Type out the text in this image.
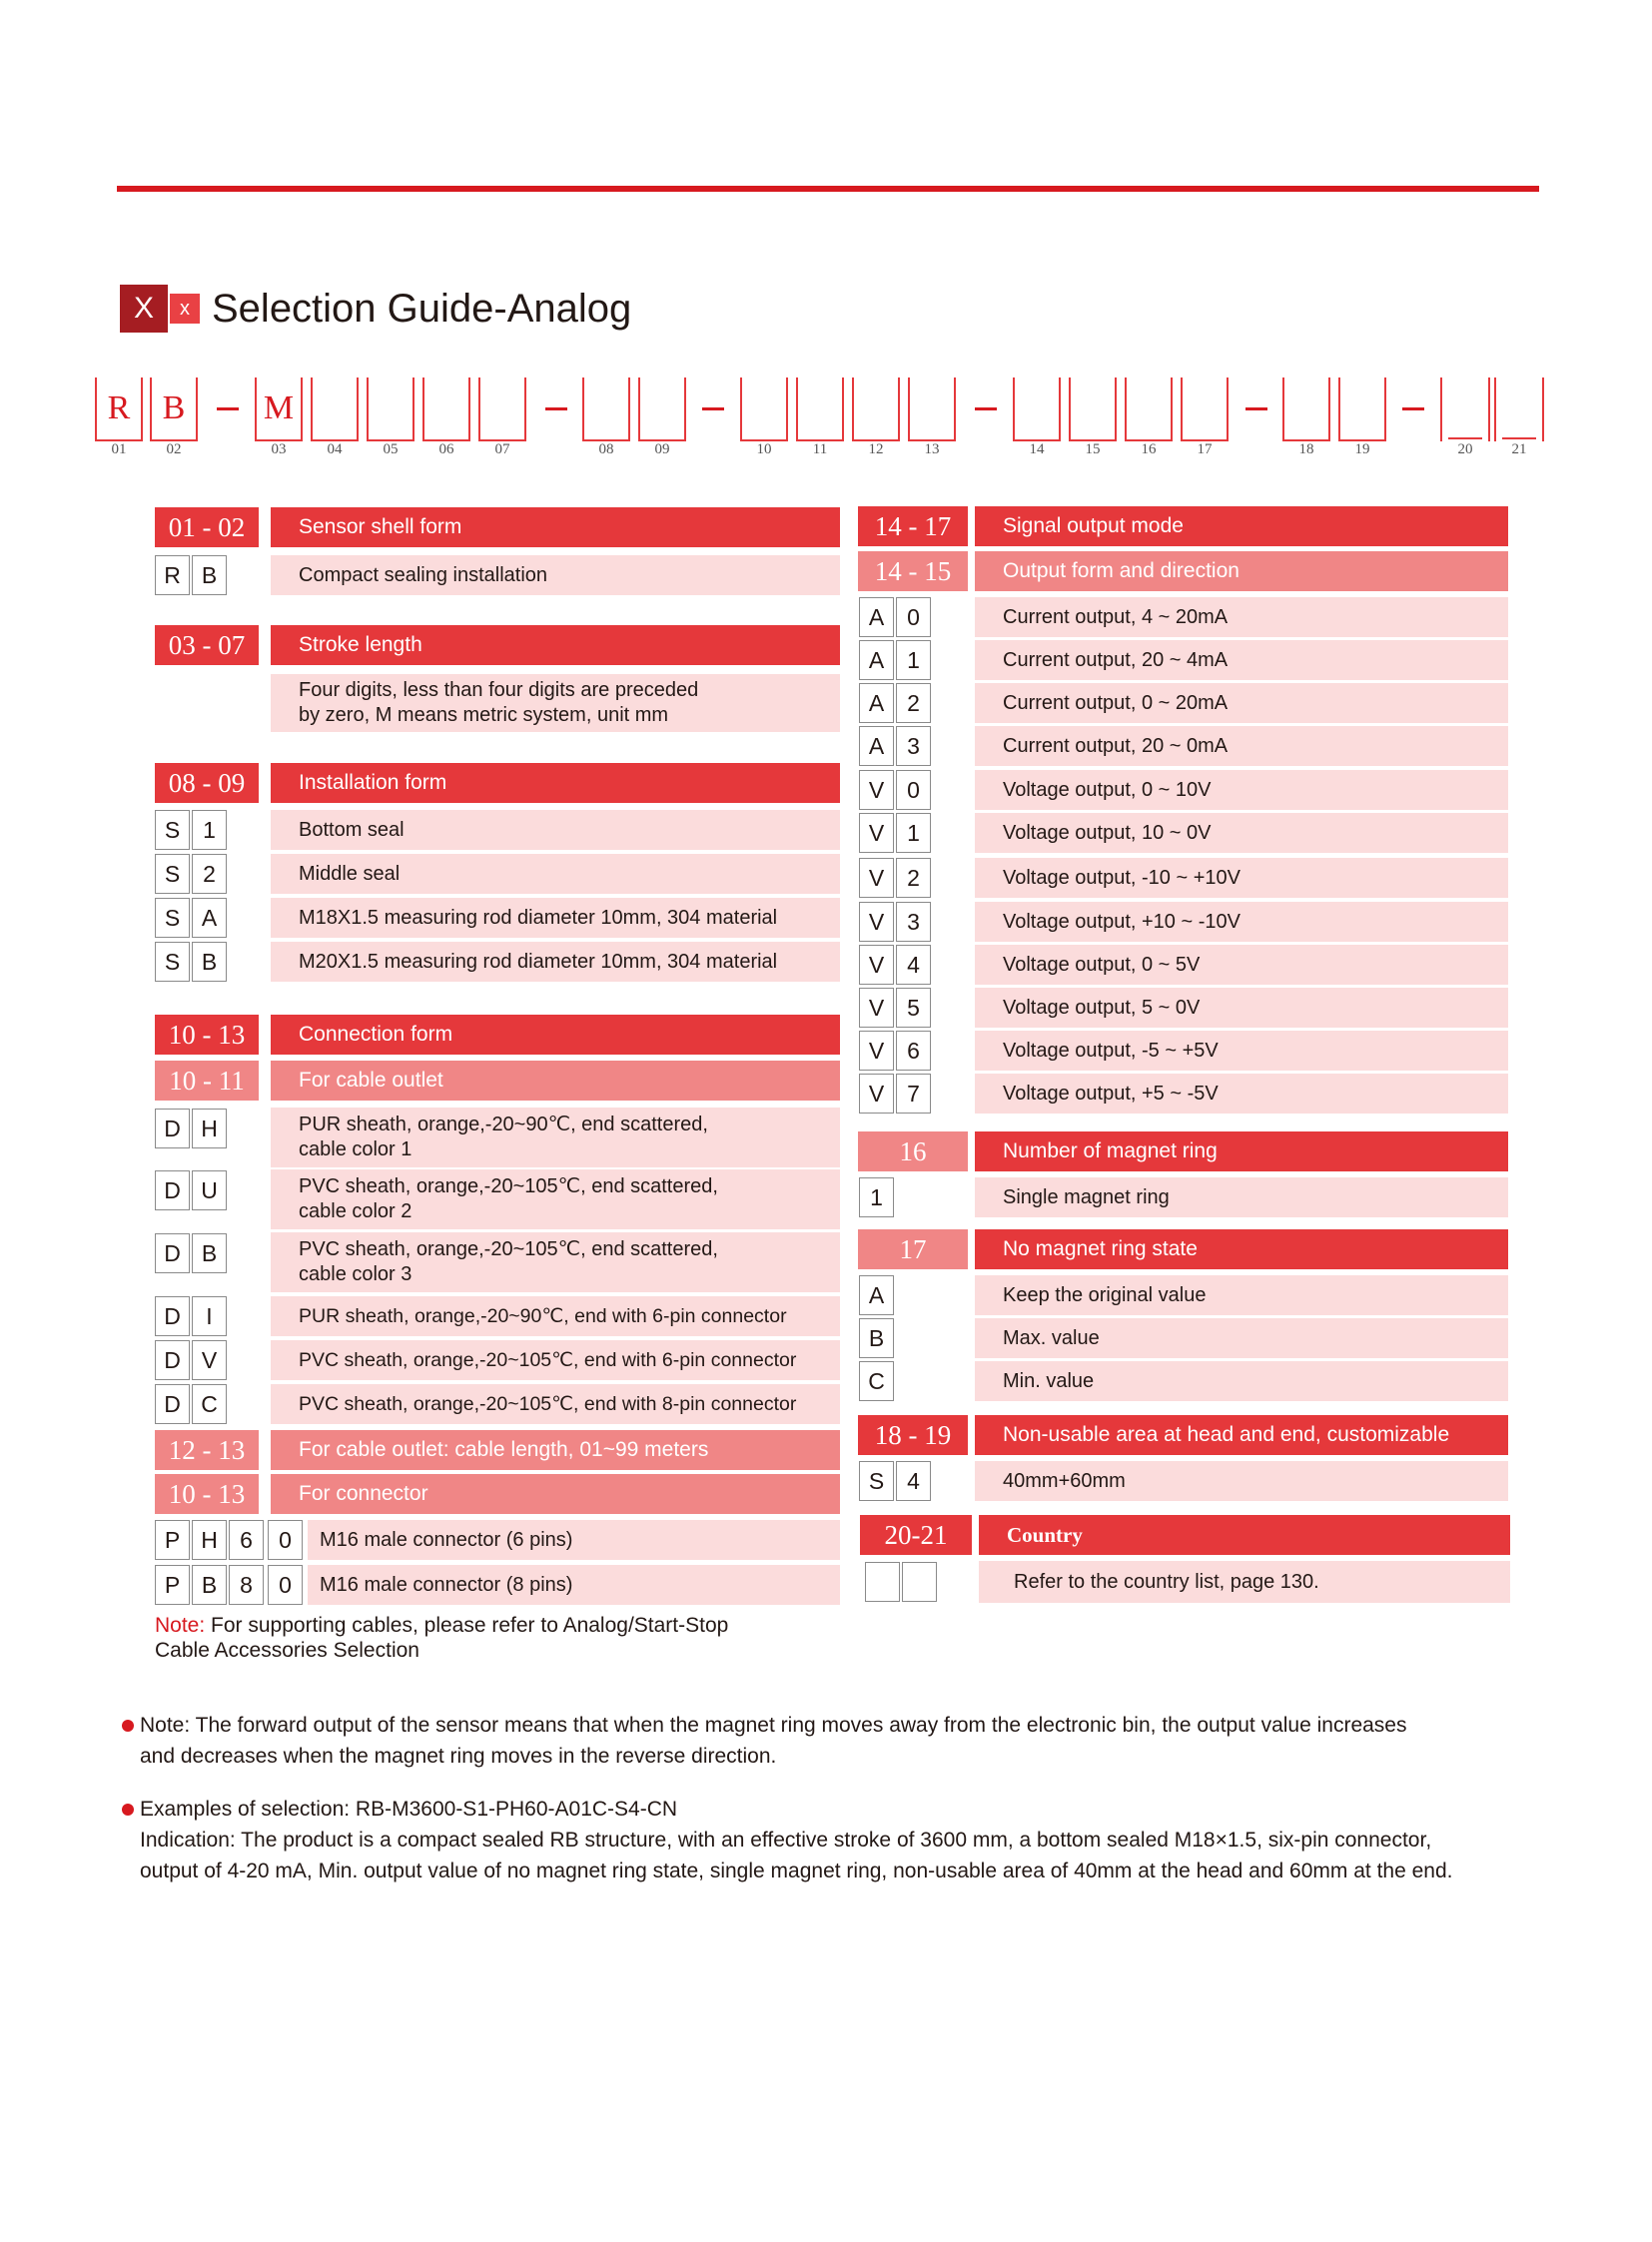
X	x Selection Guide-Analog
R B	M
01	02	03	04	05	06	07	08	09	10	11	12	13	14	15	16	17	18	19	20	21
01 - 02	Sensor shell form
R B	Compact sealing installation
03 - 07	Stroke length
Four digits, less than four digits are preceded
by zero, M means metric system, unit mm
08 - 09	Installation form
S 1	Bottom seal
S 2	Middle seal
S A	M18X1.5 measuring rod diameter 10mm, 304 material
S B	M20X1.5 measuring rod diameter 10mm, 304 material
10 - 13	Connection form
10 - 11	For cable outlet
D H	PUR sheath, orange,-20~90℃, end scattered,
cable color 1
D U	PVC sheath, orange,-20~105℃, end scattered,
cable color 2
D B	PVC sheath, orange,-20~105℃, end scattered,
cable color 3
D	I	PUR sheath, orange,-20~90℃, end with 6-pin connector
D V	PVC sheath, orange,-20~105℃, end with 6-pin connector
D C	PVC sheath, orange,-20~105℃, end with 8-pin connector
12 - 13	For cable outlet: cable length, 01~99 meters
10 - 13	For connector
P H 6	0	M16 male connector (6 pins)
P B 8	0	M16 male connector (8 pins)
Note: For supporting cables, please refer to Analog/Start-Stop
Cable Accessories Selection
14 - 17	Signal output mode
14 - 15	Output form and direction
A 0	Current output, 4 ~ 20mA
A 1	Current output, 20 ~ 4mA
A 2	Current output, 0 ~ 20mA
A 3	Current output, 20 ~ 0mA
V 0	Voltage output, 0 ~ 10V
V 1	Voltage output, 10 ~ 0V
V 2	Voltage output, -10 ~ +10V
V 3	Voltage output, +10 ~ -10V
V 4	Voltage output, 0 ~ 5V
V 5	Voltage output, 5 ~ 0V
V 6	Voltage output, -5 ~ +5V
V 7	Voltage output, +5 ~ -5V
16	Number of magnet ring
1	Single magnet ring
17	No magnet ring state
A	Keep the original value
B	Max. value
C	Min. value
18 - 19	Non-usable area at head and end, customizable
S 4	40mm+60mm
20-21	Country
Refer to the country list, page 130.
Note: The forward output of the sensor means that when the magnet ring moves away from the electronic bin, the output value increases
and decreases when the magnet ring moves in the reverse direction.
Examples of selection: RB-M3600-S1-PH60-A01C-S4-CN
Indication: The product is a compact sealed RB structure, with an effective stroke of 3600 mm, a bottom sealed M18×1.5, six-pin connector,
output of 4-20 mA, Min. output value of no magnet ring state, single magnet ring, non-usable area of 40mm at the head and 60mm at the end.
